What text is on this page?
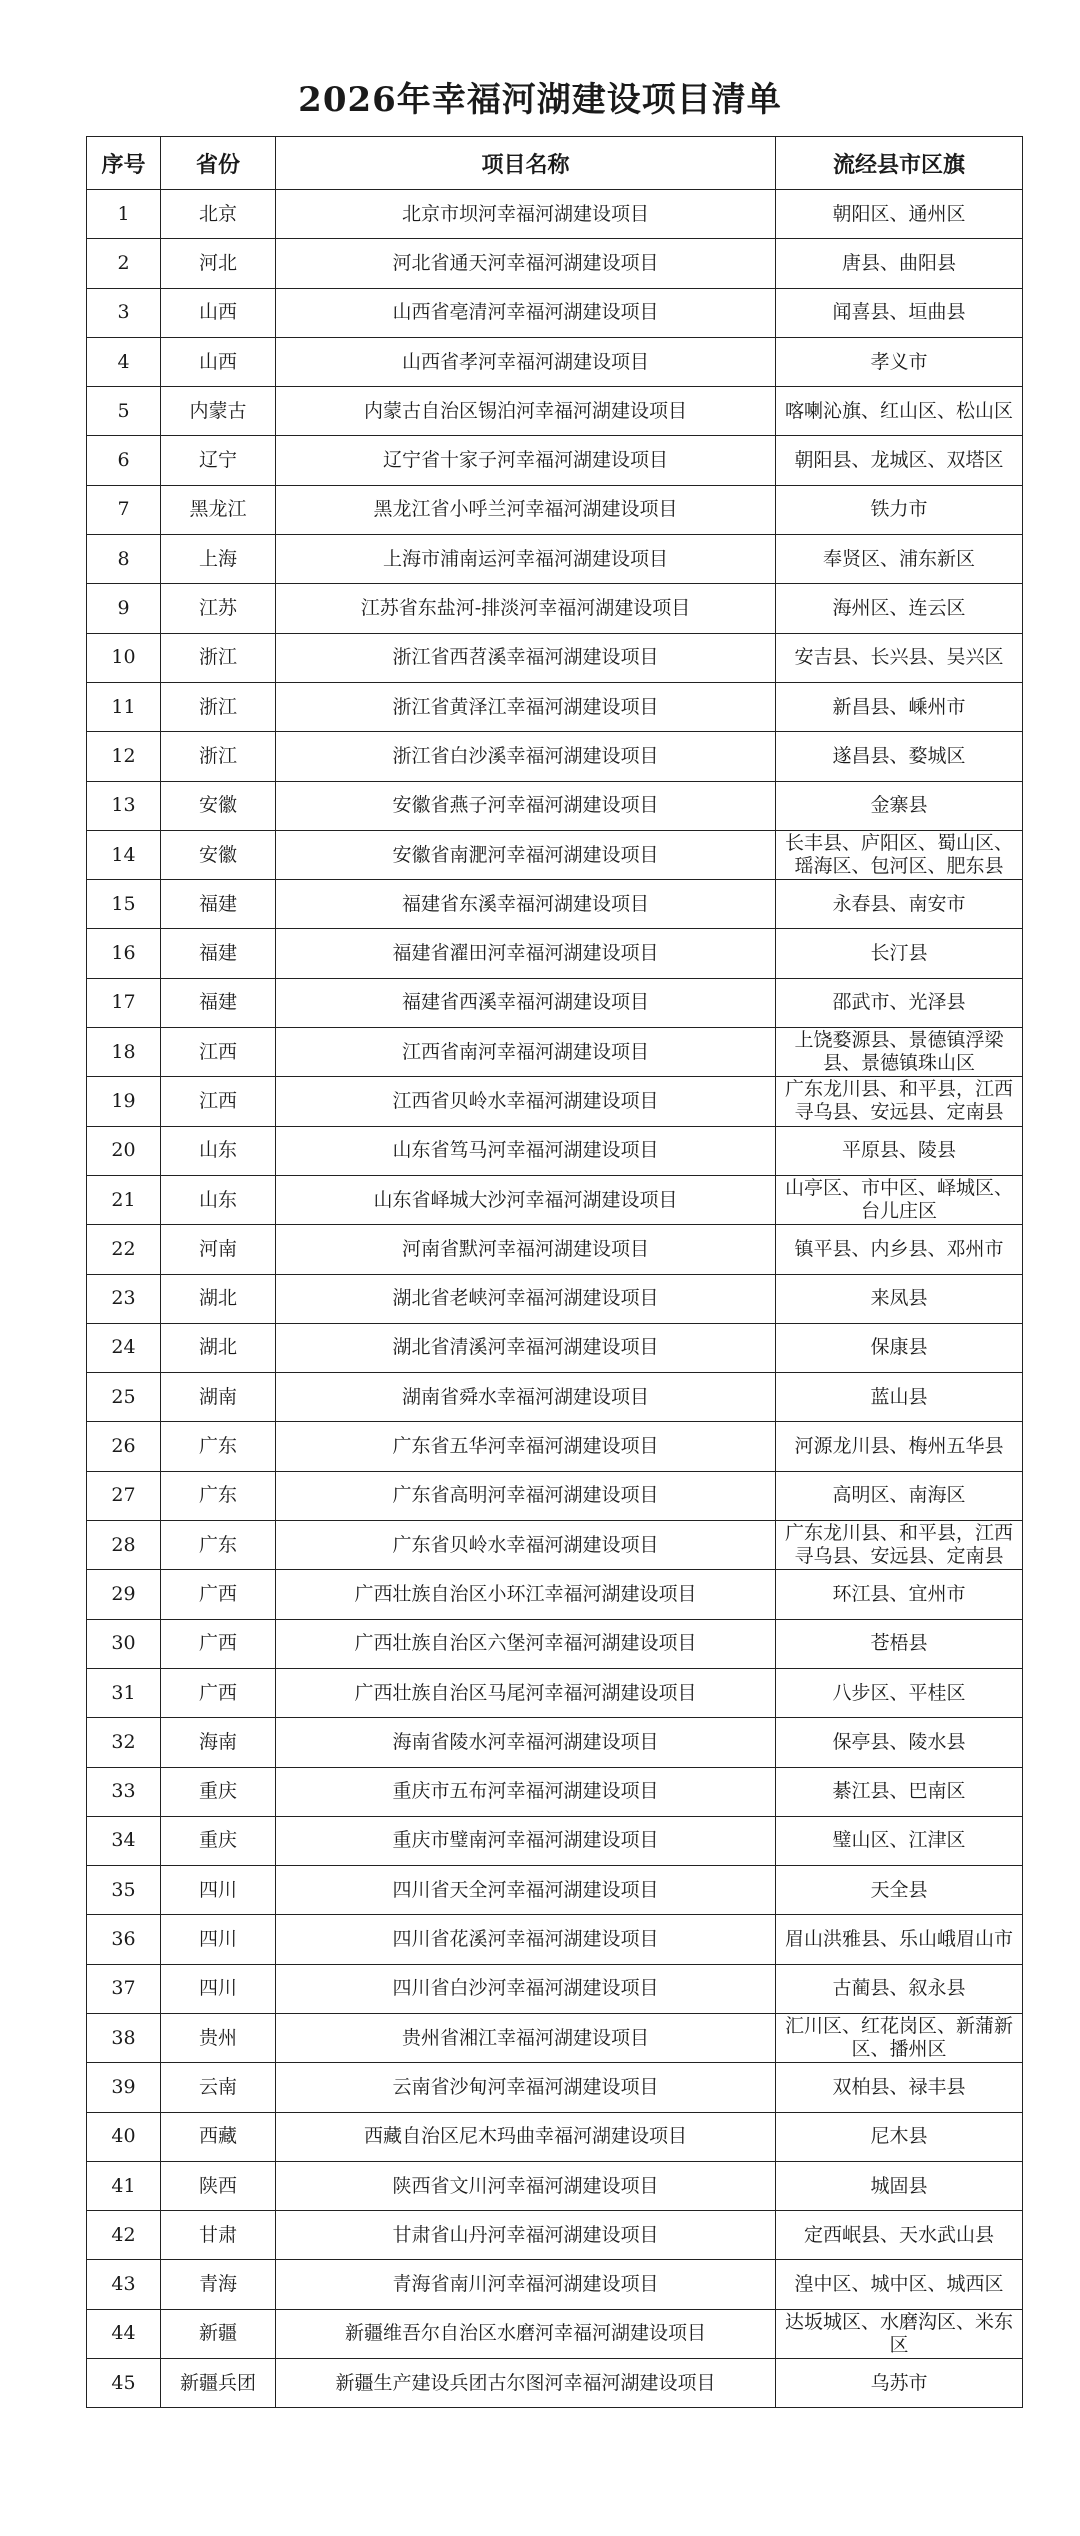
2026年幸福河湖建设项目清单
序号	省份	项目名称	流经县市区旗
1	北京	北京市坝河幸福河湖建设项目	朝阳区、通州区
2	河北	河北省通天河幸福河湖建设项目	唐县、曲阳县
3	山西	山西省亳清河幸福河湖建设项目	闻喜县、垣曲县
4	山西	山西省孝河幸福河湖建设项目	孝义市
5	内蒙古	内蒙古自治区锡泊河幸福河湖建设项目	喀喇沁旗、红山区、松山区
6	辽宁	辽宁省十家子河幸福河湖建设项目	朝阳县、龙城区、双塔区
7	黑龙江	黑龙江省小呼兰河幸福河湖建设项目	铁力市
8	上海	上海市浦南运河幸福河湖建设项目	奉贤区、浦东新区
9	江苏	江苏省东盐河-排淡河幸福河湖建设项目	海州区、连云区
10	浙江	浙江省西苕溪幸福河湖建设项目	安吉县、长兴县、吴兴区
11	浙江	浙江省黄泽江幸福河湖建设项目	新昌县、嵊州市
12	浙江	浙江省白沙溪幸福河湖建设项目	遂昌县、婺城区
13	安徽	安徽省燕子河幸福河湖建设项目	金寨县
14	安徽	安徽省南淝河幸福河湖建设项目	长丰县、庐阳区、蜀山区、瑶海区、包河区、肥东县
15	福建	福建省东溪幸福河湖建设项目	永春县、南安市
16	福建	福建省濯田河幸福河湖建设项目	长汀县
17	福建	福建省西溪幸福河湖建设项目	邵武市、光泽县
18	江西	江西省南河幸福河湖建设项目	上饶婺源县、景德镇浮梁县、景德镇珠山区
19	江西	江西省贝岭水幸福河湖建设项目	广东龙川县、和平县，江西寻乌县、安远县、定南县
20	山东	山东省笃马河幸福河湖建设项目	平原县、陵县
21	山东	山东省峄城大沙河幸福河湖建设项目	山亭区、市中区、峄城区、台儿庄区
22	河南	河南省默河幸福河湖建设项目	镇平县、内乡县、邓州市
23	湖北	湖北省老峡河幸福河湖建设项目	来凤县
24	湖北	湖北省清溪河幸福河湖建设项目	保康县
25	湖南	湖南省舜水幸福河湖建设项目	蓝山县
26	广东	广东省五华河幸福河湖建设项目	河源龙川县、梅州五华县
27	广东	广东省高明河幸福河湖建设项目	高明区、南海区
28	广东	广东省贝岭水幸福河湖建设项目	广东龙川县、和平县，江西寻乌县、安远县、定南县
29	广西	广西壮族自治区小环江幸福河湖建设项目	环江县、宜州市
30	广西	广西壮族自治区六堡河幸福河湖建设项目	苍梧县
31	广西	广西壮族自治区马尾河幸福河湖建设项目	八步区、平桂区
32	海南	海南省陵水河幸福河湖建设项目	保亭县、陵水县
33	重庆	重庆市五布河幸福河湖建设项目	綦江县、巴南区
34	重庆	重庆市璧南河幸福河湖建设项目	璧山区、江津区
35	四川	四川省天全河幸福河湖建设项目	天全县
36	四川	四川省花溪河幸福河湖建设项目	眉山洪雅县、乐山峨眉山市
37	四川	四川省白沙河幸福河湖建设项目	古蔺县、叙永县
38	贵州	贵州省湘江幸福河湖建设项目	汇川区、红花岗区、新蒲新区、播州区
39	云南	云南省沙甸河幸福河湖建设项目	双柏县、禄丰县
40	西藏	西藏自治区尼木玛曲幸福河湖建设项目	尼木县
41	陕西	陕西省文川河幸福河湖建设项目	城固县
42	甘肃	甘肃省山丹河幸福河湖建设项目	定西岷县、天水武山县
43	青海	青海省南川河幸福河湖建设项目	湟中区、城中区、城西区
44	新疆	新疆维吾尔自治区水磨河幸福河湖建设项目	达坂城区、水磨沟区、米东区
45	新疆兵团	新疆生产建设兵团古尔图河幸福河湖建设项目	乌苏市
